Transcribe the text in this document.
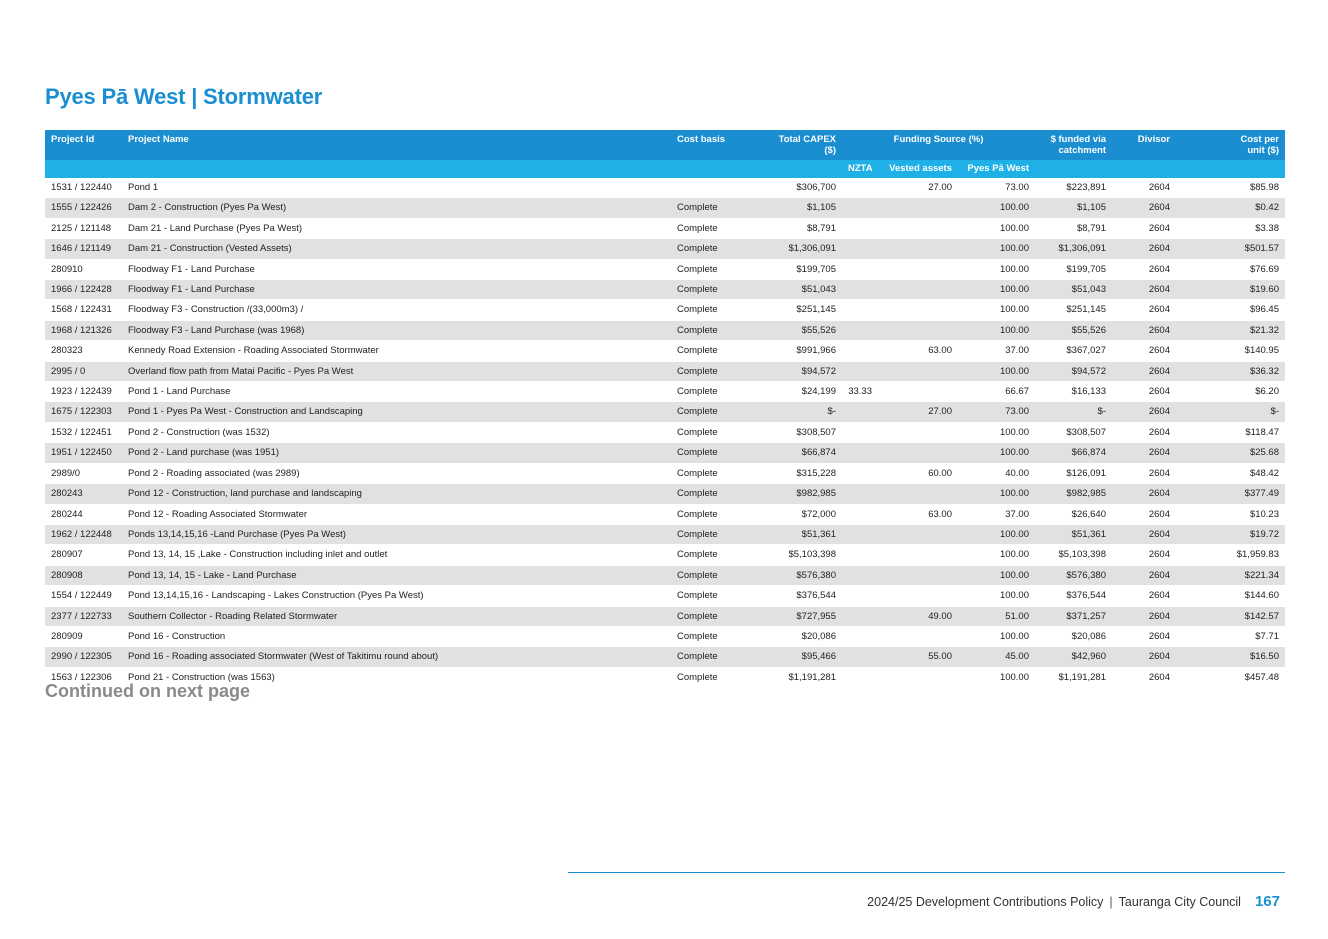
Pyes Pā West | Stormwater
Project Id	Project Name	Cost basis	Total CAPEX
($)	Funding Source (%)			$ funded via
catchment	Divisor	Cost per
unit ($)
				NZTA	Vested assets	Pyes Pā West			
1531 / 122440	Pond 1		$306,700		27.00	73.00	$223,891	2604	$85.98
1555 / 122426	Dam 2 - Construction (Pyes Pa West)	Complete	$1,105			100.00	$1,105	2604	$0.42
2125 / 121148	Dam 21 - Land Purchase (Pyes Pa West)	Complete	$8,791			100.00	$8,791	2604	$3.38
1646 / 121149	Dam 21 - Construction (Vested Assets)	Complete	$1,306,091			100.00	$1,306,091	2604	$501.57
280910	Floodway F1 - Land Purchase	Complete	$199,705			100.00	$199,705	2604	$76.69
1966 / 122428	Floodway F1 - Land Purchase	Complete	$51,043			100.00	$51,043	2604	$19.60
1568 / 122431	Floodway F3 - Construction /(33,000m3) /	Complete	$251,145			100.00	$251,145	2604	$96.45
1968 / 121326	Floodway F3 - Land Purchase (was 1968)	Complete	$55,526			100.00	$55,526	2604	$21.32
280323	Kennedy Road Extension - Roading Associated Stormwater	Complete	$991,966		63.00	37.00	$367,027	2604	$140.95
2995 / 0	Overland flow path from Matai Pacific - Pyes Pa West	Complete	$94,572			100.00	$94,572	2604	$36.32
1923 / 122439	Pond 1 - Land Purchase	Complete	$24,199	33.33		66.67	$16,133	2604	$6.20
1675 / 122303	Pond 1 - Pyes Pa West - Construction and Landscaping	Complete	$-		27.00	73.00	$-	2604	$-
1532 / 122451	Pond 2 - Construction (was 1532)	Complete	$308,507			100.00	$308,507	2604	$118.47
1951 / 122450	Pond 2 - Land purchase (was 1951)	Complete	$66,874			100.00	$66,874	2604	$25.68
2989/0	Pond 2 - Roading associated (was 2989)	Complete	$315,228		60.00	40.00	$126,091	2604	$48.42
280243	Pond 12 - Construction, land purchase and landscaping	Complete	$982,985			100.00	$982,985	2604	$377.49
280244	Pond 12 - Roading Associated Stormwater	Complete	$72,000		63.00	37.00	$26,640	2604	$10.23
1962 / 122448	Ponds 13,14,15,16 -Land Purchase (Pyes Pa West)	Complete	$51,361			100.00	$51,361	2604	$19.72
280907	Pond 13, 14, 15 ,Lake - Construction including inlet and outlet	Complete	$5,103,398			100.00	$5,103,398	2604	$1,959.83
280908	Pond 13, 14, 15 - Lake - Land Purchase	Complete	$576,380			100.00	$576,380	2604	$221.34
1554 / 122449	Pond 13,14,15,16 - Landscaping - Lakes Construction (Pyes Pa West)	Complete	$376,544			100.00	$376,544	2604	$144.60
2377 / 122733	Southern Collector - Roading Related Stormwater	Complete	$727,955		49.00	51.00	$371,257	2604	$142.57
280909	Pond 16 - Construction	Complete	$20,086			100.00	$20,086	2604	$7.71
2990 / 122305	Pond 16 - Roading associated Stormwater (West of Takitimu round about)	Complete	$95,466		55.00	45.00	$42,960	2604	$16.50
1563 / 122306	Pond 21 - Construction (was 1563)	Complete	$1,191,281			100.00	$1,191,281	2604	$457.48

Continued on next page

2024/25 Development Contributions Policy | Tauranga City Council 167
